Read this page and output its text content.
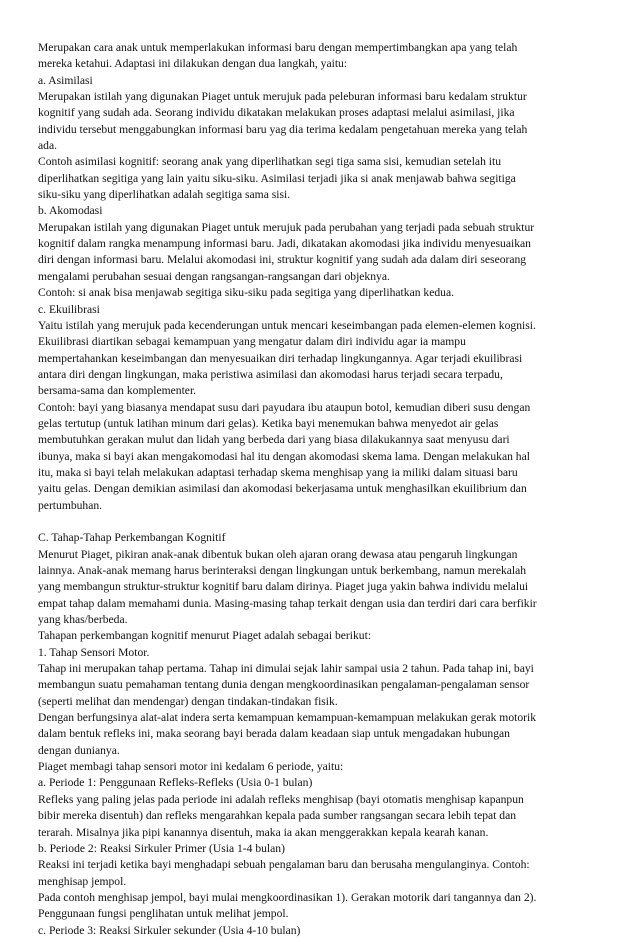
Merupakan cara anak untuk memperlakukan informasi baru dengan mempertimbangkan apa yang telah
mereka ketahui. Adaptasi ini dilakukan dengan dua langkah, yaitu:
a. Asimilasi
Merupakan istilah yang digunakan Piaget untuk merujuk pada peleburan informasi baru kedalam struktur
kognitif yang sudah ada. Seorang individu dikatakan melakukan proses adaptasi melalui asimilasi, jika
individu tersebut menggabungkan informasi baru yag dia terima kedalam pengetahuan mereka yang telah
ada.
Contoh asimilasi kognitif: seorang anak yang diperlihatkan segi tiga sama sisi, kemudian setelah itu
diperlihatkan segitiga yang lain yaitu siku-siku. Asimilasi terjadi jika si anak menjawab bahwa segitiga
siku-siku yang diperlihatkan adalah segitiga sama sisi.
b. Akomodasi
Merupakan istilah yang digunakan Piaget untuk merujuk pada perubahan yang terjadi pada sebuah struktur
kognitif dalam rangka menampung informasi baru. Jadi, dikatakan akomodasi jika individu menyesuaikan
diri dengan informasi baru. Melalui akomodasi ini, struktur kognitif yang sudah ada dalam diri seseorang
mengalami perubahan sesuai dengan rangsangan-rangsangan dari objeknya.
Contoh: si anak bisa menjawab segitiga siku-siku pada segitiga yang diperlihatkan kedua.
c. Ekuilibrasi
Yaitu istilah yang merujuk pada kecenderungan untuk mencari keseimbangan pada elemen-elemen kognisi.
Ekuilibrasi diartikan sebagai kemampuan yang mengatur dalam diri individu agar ia mampu
mempertahankan keseimbangan dan menyesuaikan diri terhadap lingkungannya. Agar terjadi ekuilibrasi
antara diri dengan lingkungan, maka peristiwa asimilasi dan akomodasi harus terjadi secara terpadu,
bersama-sama dan komplementer.
Contoh: bayi yang biasanya mendapat susu dari payudara ibu ataupun botol, kemudian diberi susu dengan
gelas tertutup (untuk latihan minum dari gelas). Ketika bayi menemukan bahwa menyedot air gelas
membutuhkan gerakan mulut dan lidah yang berbeda dari yang biasa dilakukannya saat menyusu dari
ibunya, maka si bayi akan mengakomodasi hal itu dengan akomodasi skema lama. Dengan melakukan hal
itu, maka si bayi telah melakukan adaptasi terhadap skema menghisap yang ia miliki dalam situasi baru
yaitu gelas. Dengan demikian asimilasi dan akomodasi bekerjasama untuk menghasilkan ekuilibrium dan
pertumbuhan.
C. Tahap-Tahap Perkembangan Kognitif
Menurut Piaget, pikiran anak-anak dibentuk bukan oleh ajaran orang dewasa atau pengaruh lingkungan
lainnya. Anak-anak memang harus berinteraksi dengan lingkungan untuk berkembang, namun merekalah
yang membangun struktur-struktur kognitif baru dalam dirinya. Piaget juga yakin bahwa individu melalui
empat tahap dalam memahami dunia. Masing-masing tahap terkait dengan usia dan terdiri dari cara berfikir
yang khas/berbeda.
Tahapan perkembangan kognitif menurut Piaget adalah sebagai berikut:
1. Tahap Sensori Motor.
Tahap ini merupakan tahap pertama. Tahap ini dimulai sejak lahir sampai usia 2 tahun. Pada tahap ini, bayi
membangun suatu pemahaman tentang dunia dengan mengkoordinasikan pengalaman-pengalaman sensor
(seperti melihat dan mendengar) dengan tindakan-tindakan fisik.
Dengan berfungsinya alat-alat indera serta kemampuan kemampuan-kemampuan melakukan gerak motorik
dalam bentuk refleks ini, maka seorang bayi berada dalam keadaan siap untuk mengadakan hubungan
dengan dunianya.
Piaget membagi tahap sensori motor ini kedalam 6 periode, yaitu:
a. Periode 1: Penggunaan Refleks-Refleks (Usia 0-1 bulan)
Refleks yang paling jelas pada periode ini adalah refleks menghisap (bayi otomatis menghisap kapanpun
bibir mereka disentuh) dan refleks mengarahkan kepala pada sumber rangsangan secara lebih tepat dan
terarah. Misalnya jika pipi kanannya disentuh, maka ia akan menggerakkan kepala kearah kanan.
b. Periode 2: Reaksi Sirkuler Primer (Usia 1-4 bulan)
Reaksi ini terjadi ketika bayi menghadapi sebuah pengalaman baru dan berusaha mengulanginya. Contoh:
menghisap jempol.
Pada contoh menghisap jempol, bayi mulai mengkoordinasikan 1). Gerakan motorik dari tangannya dan 2).
Penggunaan fungsi penglihatan untuk melihat jempol.
c. Periode 3: Reaksi Sirkuler sekunder (Usia 4-10 bulan)
